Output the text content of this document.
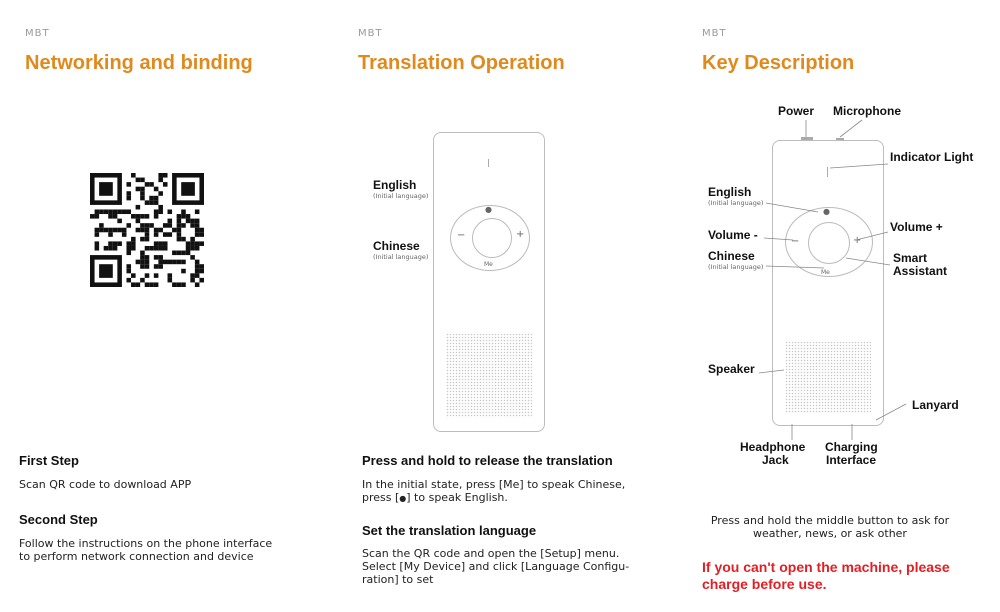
MBT
Networking and binding
First Step
Scan QR code to download APP
Second Step
Follow the instructions on the phone interface
to perform network connection and device
MBT
Translation Operation
●
−	+
Me
English
(Initial language)
Chinese
(Initial language)
Press and hold to release the translation
In the initial state, press [Me] to speak Chinese,
press [●] to speak English.
Set the translation language
Scan the QR code and open the [Setup] menu.
Select [My Device] and click [Language Configu-
ration] to set
MBT
Key Description
●
−	+
Me
Power Microphone
Indicator Light
English
(Initial language)
Volume -
Volume +
Chinese
(Initial language)
Smart
Assistant
Speaker
Lanyard
Headphone
Jack
Charging
Interface
Press and hold the middle button to ask for
weather, news, or ask other
If you can't open the machine, please
charge before use.
